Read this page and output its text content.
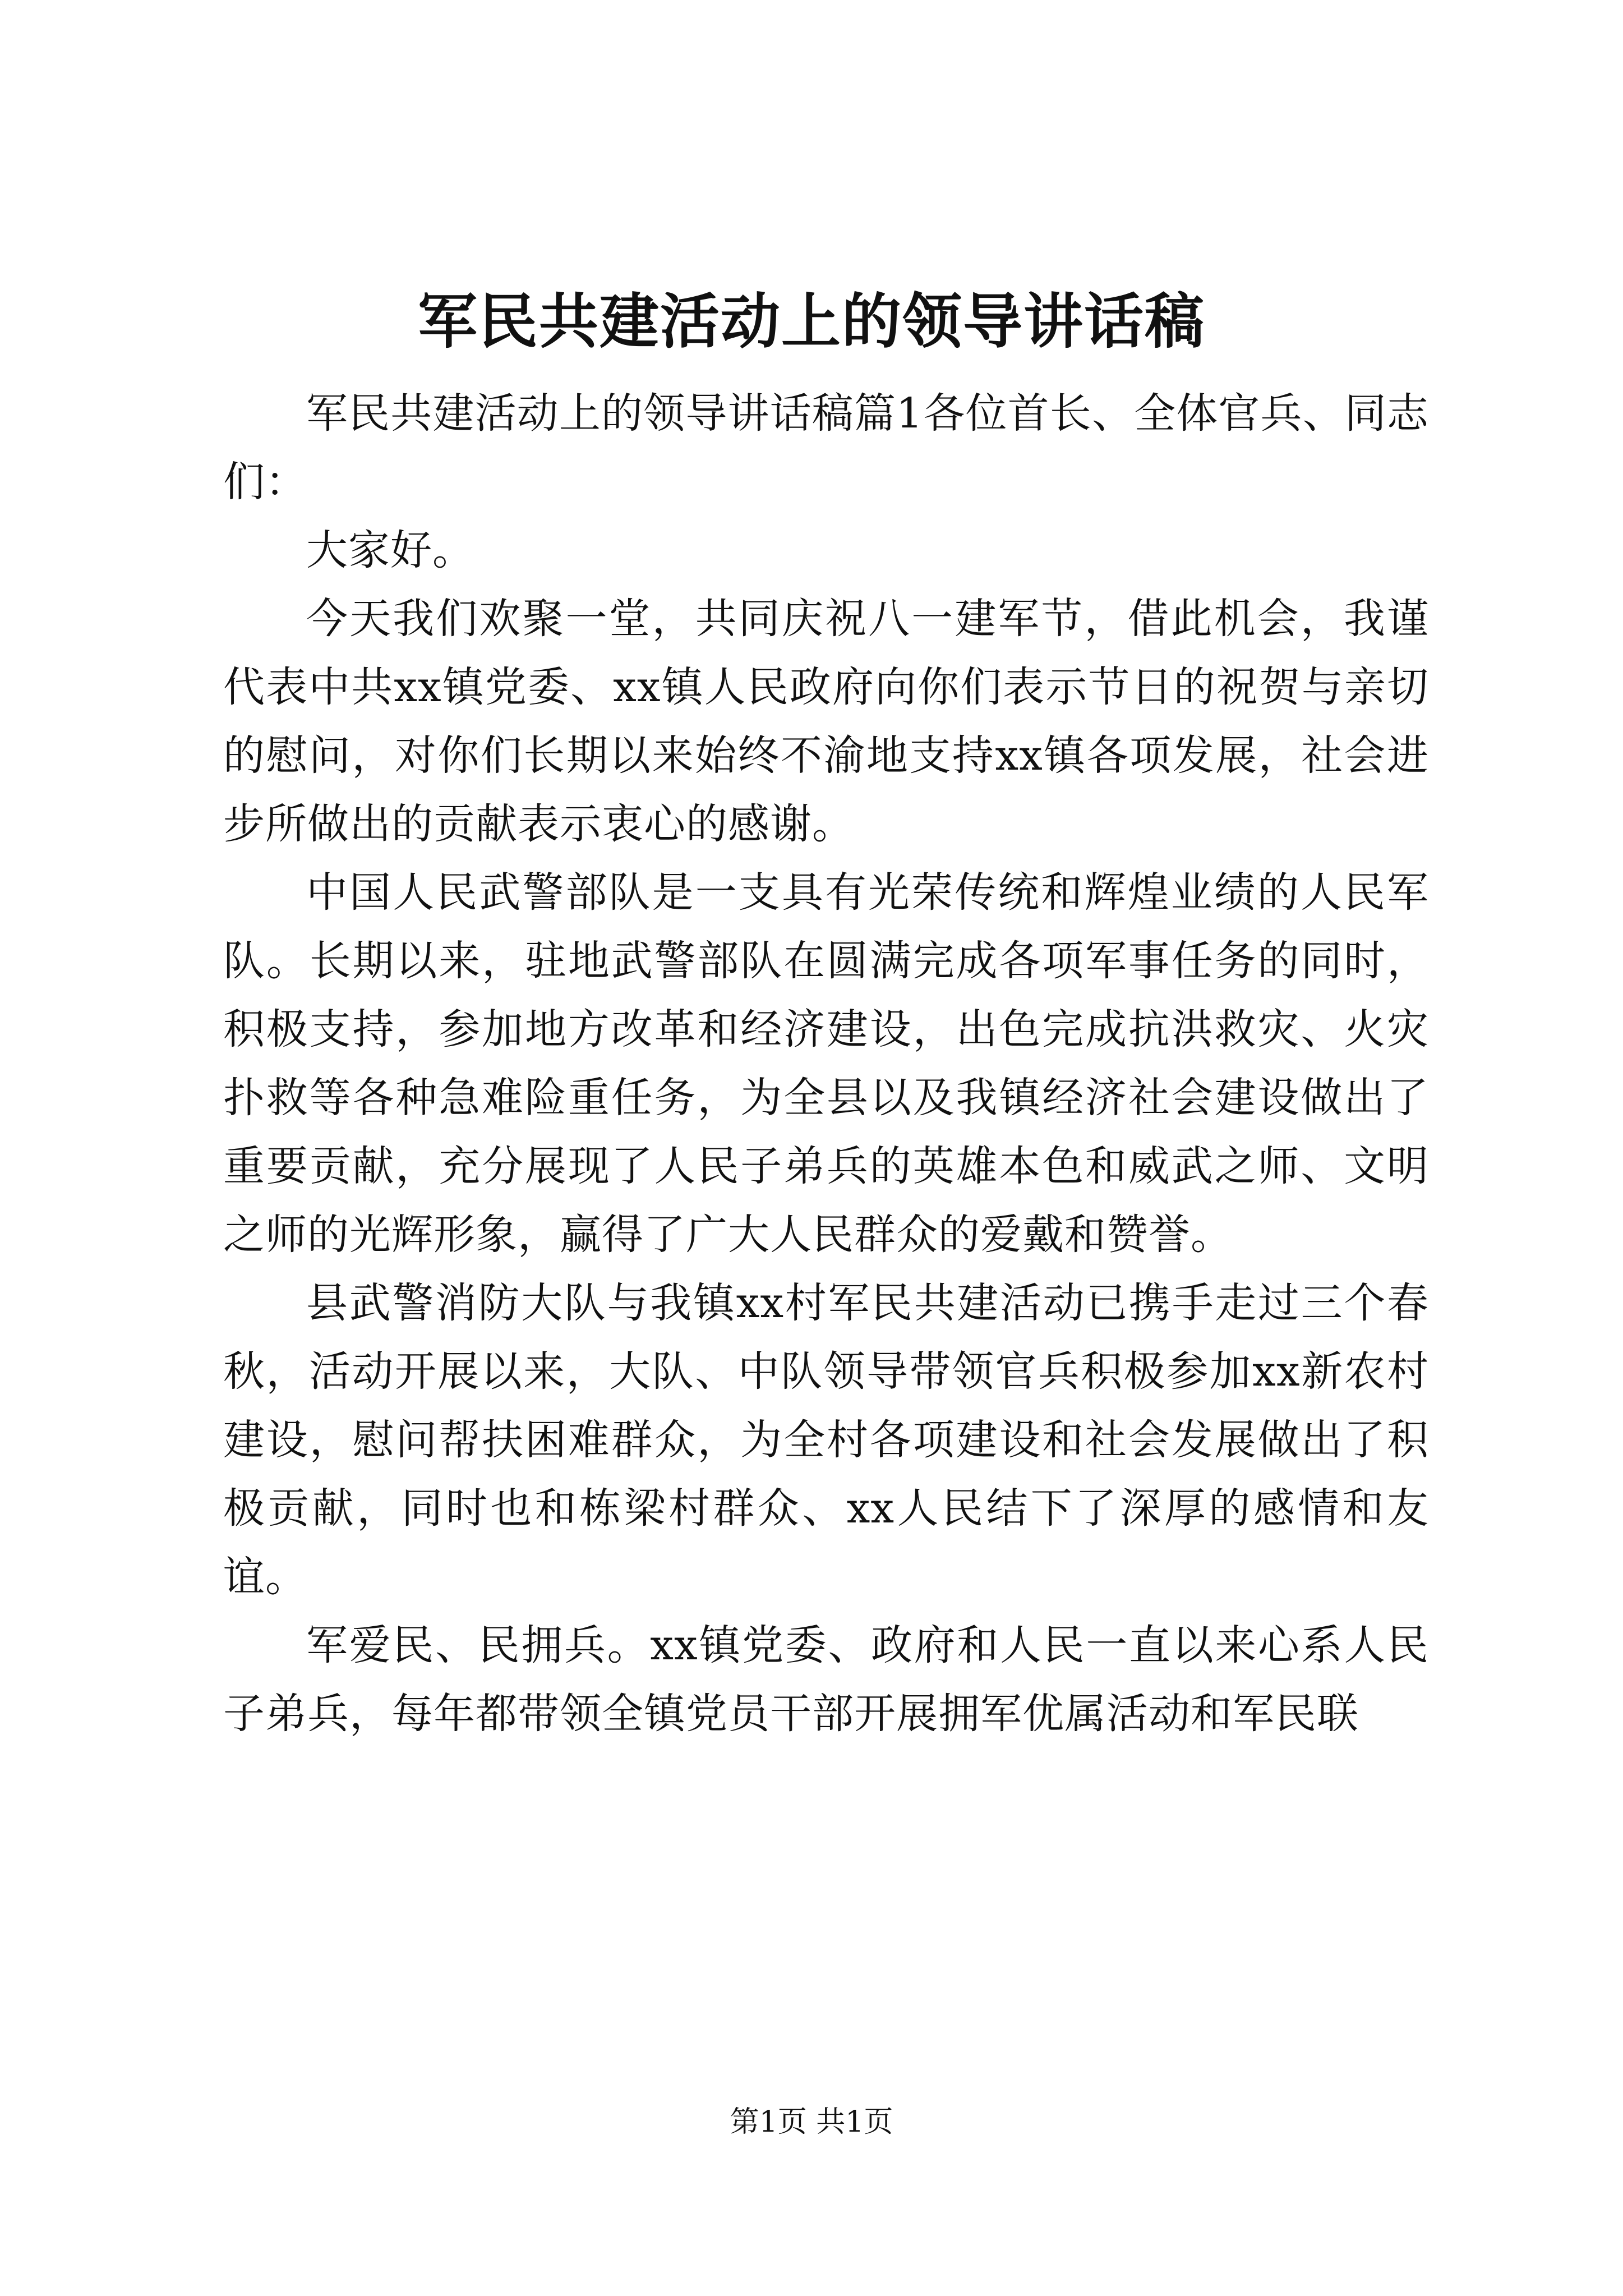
军民共建活动上的领导讲话稿

军民共建活动上的领导讲话稿篇1各位首长、全体官兵、同志们：

大家好。

今天我们欢聚一堂，共同庆祝八一建军节，借此机会，我谨代表中共xx镇党委、xx镇人民政府向你们表示节日的祝贺与亲切的慰问，对你们长期以来始终不渝地支持xx镇各项发展，社会进步所做出的贡献表示衷心的感谢。

中国人民武警部队是一支具有光荣传统和辉煌业绩的人民军队。长期以来，驻地武警部队在圆满完成各项军事任务的同时，积极支持，参加地方改革和经济建设，出色完成抗洪救灾、火灾扑救等各种急难险重任务，为全县以及我镇经济社会建设做出了重要贡献，充分展现了人民子弟兵的英雄本色和威武之师、文明之师的光辉形象，赢得了广大人民群众的爱戴和赞誉。

县武警消防大队与我镇xx村军民共建活动已携手走过三个春秋，活动开展以来，大队、中队领导带领官兵积极参加xx新农村建设，慰问帮扶困难群众，为全村各项建设和社会发展做出了积极贡献，同时也和栋梁村群众、xx人民结下了深厚的感情和友谊。

军爱民、民拥兵。xx镇党委、政府和人民一直以来心系人民子弟兵，每年都带领全镇党员干部开展拥军优属活动和军民联

第1页 共1页
